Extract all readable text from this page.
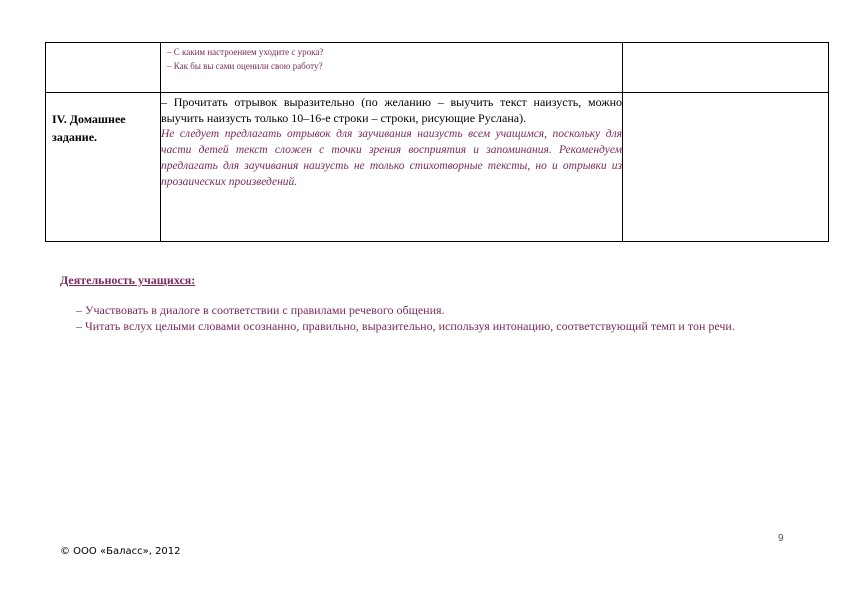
	– С каким настроением уходите с урока?
– Как бы вы сами оценили свою работу?	

IV. Домашнее задание.	– Прочитать отрывок выразительно (по желанию – выучить текст наизусть, можно выучить наизусть только 10–16-е строки – строки, рисующие Руслана).

Не следует предлагать отрывок для заучивания наизусть всем учащимся, поскольку для части детей текст сложен с точки зрения восприятия и запоминания. Рекомендуем предлагать для заучивания наизусть не только стихотворные тексты, но и отрывки из прозаических произведений.	

Деятельность учащихся:

– Участвовать в диалоге в соответствии с правилами речевого общения.

– Читать вслух целыми словами осознанно, правильно, выразительно, используя интонацию, соответствующий темп и тон речи.

9
© ООО «Баласс», 2012
